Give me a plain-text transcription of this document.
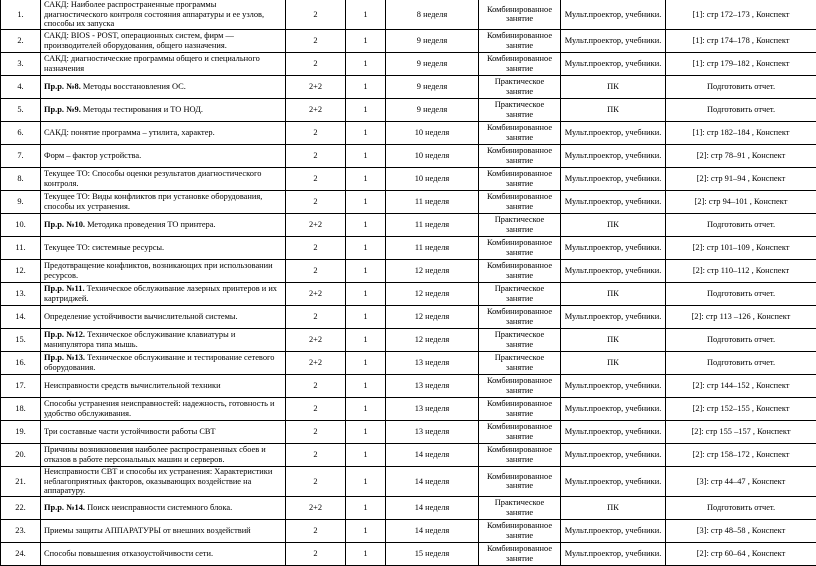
1.	САКД: Наиболее распространенные программы диагностического контроля состояния аппаратуры и ее узлов, способы их запуска	2	1	8 неделя	Комбинированное занятие	Мульт.проектор, учебники.	[1]: стр 172–173 , Конспект
2.	САКД: BIOS - POST, операционных систем, фирм — производителей оборудования, общего назначения.	2	1	9 неделя	Комбинированное занятие	Мульт.проектор, учебники.	[1]: стр 174–178 , Конспект
3.	САКД: диагностические программы общего и специального назначения	2	1	9 неделя	Комбинированное занятие	Мульт.проектор, учебники.	[1]: стр 179–182 , Конспект
4.	Пр.р. №8. Методы восстановления ОС.	2+2	1	9 неделя	Практическое занятие	ПК	Подготовить отчет.
5.	Пр.р. №9. Методы тестирования и ТО НОД.	2+2	1	9 неделя	Практическое занятие	ПК	Подготовить отчет.
6.	САКД: понятие программа – утилита, характер.	2	1	10 неделя	Комбинированное занятие	Мульт.проектор, учебники.	[1]: стр 182–184 , Конспект
7.	Форм – фактор устройства.	2	1	10 неделя	Комбинированное занятие	Мульт.проектор, учебники.	[2]: стр 78–91 , Конспект
8.	Текущее ТО: Способы оценки результатов диагностического контроля.	2	1	10 неделя	Комбинированное занятие	Мульт.проектор, учебники.	[2]: стр 91–94 , Конспект
9.	Текущее ТО: Виды конфликтов при установке оборудования, способы их устранения.	2	1	11 неделя	Комбинированное занятие	Мульт.проектор, учебники.	[2]: стр 94–101 , Конспект
10.	Пр.р. №10. Методика проведения ТО принтера.	2+2	1	11 неделя	Практическое занятие	ПК	Подготовить отчет.
11.	Текущее ТО: системные ресурсы.	2	1	11 неделя	Комбинированное занятие	Мульт.проектор, учебники.	[2]: стр 101–109 , Конспект
12.	Предотвращение конфликтов, возникающих при использовании ресурсов.	2	1	12 неделя	Комбинированное занятие	Мульт.проектор, учебники.	[2]: стр 110–112 , Конспект
13.	Пр.р. №11. Техническое обслуживание лазерных принтеров и их картриджей.	2+2	1	12 неделя	Практическое занятие	ПК	Подготовить отчет.
14.	Определение устойчивости вычислительной системы.	2	1	12 неделя	Комбинированное занятие	Мульт.проектор, учебники.	[2]: стр 113 –126 , Конспект
15.	Пр.р. №12. Техническое обслуживание клавиатуры и манипулятора типа мышь.	2+2	1	12 неделя	Практическое занятие	ПК	Подготовить отчет.
16.	Пр.р. №13. Техническое обслуживание и тестирование сетевого оборудования.	2+2	1	13 неделя	Практическое занятие	ПК	Подготовить отчет.
17.	Неисправности средств вычислительной техники	2	1	13 неделя	Комбинированное занятие	Мульт.проектор, учебники.	[2]: стр 144–152 , Конспект
18.	Способы устранения неисправностей: надежность, готовность и удобство обслуживания.	2	1	13 неделя	Комбинированное занятие	Мульт.проектор, учебники.	[2]: стр 152–155 , Конспект
19.	Три составные части устойчивости работы СВТ	2	1	13 неделя	Комбинированное занятие	Мульт.проектор, учебники.	[2]: стр 155 –157 , Конспект
20.	Причины возникновения наиболее распространенных сбоев и отказов в работе персональных машин и серверов.	2	1	14 неделя	Комбинированное занятие	Мульт.проектор, учебники.	[2]: стр 158–172 , Конспект
21.	Неисправности СВТ и способы их устранения: Характеристики неблагоприятных факторов, оказывающих воздействие на аппаратуру.	2	1	14 неделя	Комбинированное занятие	Мульт.проектор, учебники.	[3]: стр 44–47 , Конспект
22.	Пр.р. №14. Поиск неисправности системного блока.	2+2	1	14 неделя	Практическое занятие	ПК	Подготовить отчет.
23.	Приемы защиты АППАРАТУРЫ от внешних воздействий	2	1	14 неделя	Комбинированное занятие	Мульт.проектор, учебники.	[3]: стр 48–58 , Конспект
24.	Способы повышения отказоустойчивости сети.	2	1	15 неделя	Комбинированное занятие	Мульт.проектор, учебники.	[2]: стр 60–64 , Конспект
